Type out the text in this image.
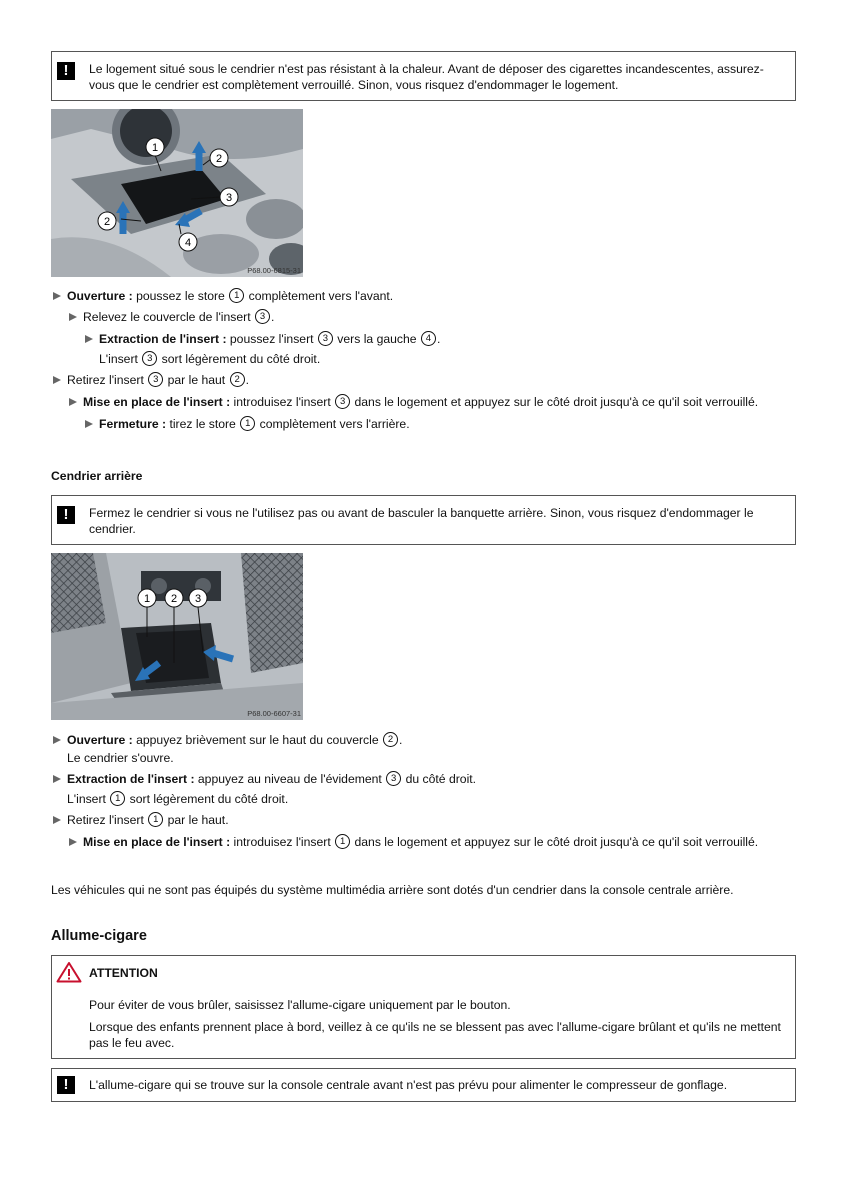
!	Le logement situé sous le cendrier n'est pas résistant à la chaleur. Avant de déposer des cigarettes incandescentes, assurez-vous que le cendrier est complètement verrouillé. Sinon, vous risquez d'endommager le logement.
1
2
3
2
4
P68.00-6815-31
Ouverture : poussez le store 1 complètement vers l'avant.
Relevez le couvercle de l'insert 3 .
Extraction de l'insert : poussez l'insert 3 vers la gauche 4 .
L'insert 3 sort légèrement du côté droit.
Retirez l'insert 3 par le haut 2 .
Mise en place de l'insert : introduisez l'insert 3 dans le logement et appuyez sur le côté droit jusqu'à ce qu'il soit verrouillé.
Fermeture : tirez le store 1 complètement vers l'arrière.
Cendrier arrière
!	Fermez le cendrier si vous ne l'utilisez pas ou avant de basculer la banquette arrière. Sinon, vous risquez d'endommager le cendrier.
1 2 3
P68.00-6607-31
Ouverture : appuyez brièvement sur le haut du couvercle 2 .
Le cendrier s'ouvre.
Extraction de l'insert : appuyez au niveau de l'évidement 3 du côté droit.
L'insert 1 sort légèrement du côté droit.
Retirez l'insert 1 par le haut.
Mise en place de l'insert : introduisez l'insert 1 dans le logement et appuyez sur le côté droit jusqu'à ce qu'il soit verrouillé.
Les véhicules qui ne sont pas équipés du système multimédia arrière sont dotés d'un cendrier dans la console centrale arrière.
Allume-cigare
ATTENTION
Pour éviter de vous brûler, saisissez l'allume-cigare uniquement par le bouton.
Lorsque des enfants prennent place à bord, veillez à ce qu'ils ne se blessent pas avec l'allume-cigare brûlant et qu'ils ne mettent pas le feu avec.
!	L'allume-cigare qui se trouve sur la console centrale avant n'est pas prévu pour alimenter le compresseur de gonflage.
